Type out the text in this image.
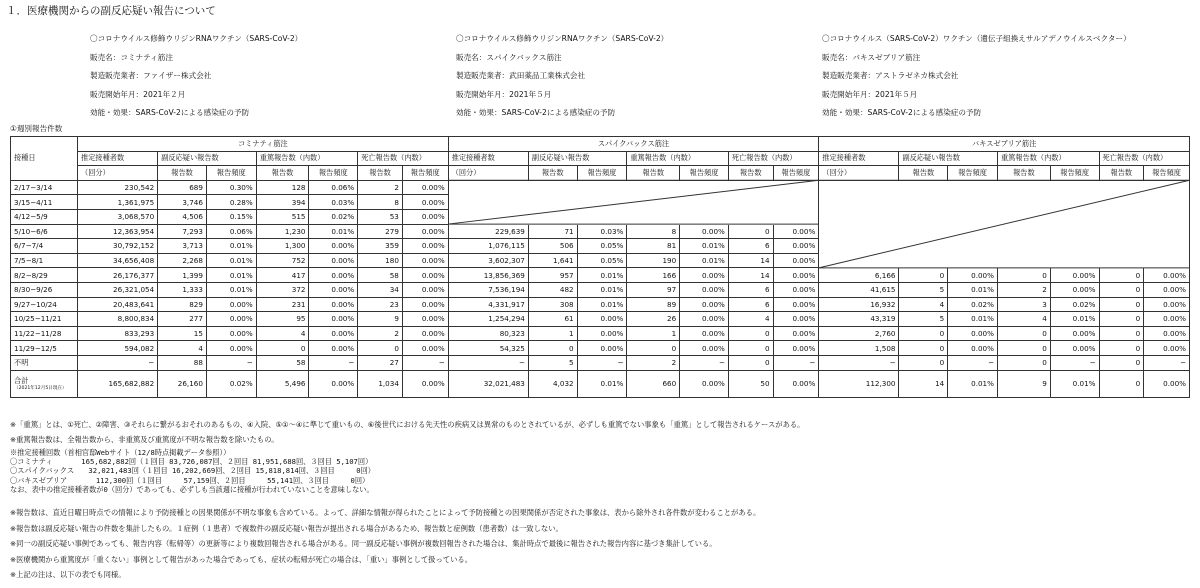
１．医療機関からの副反応疑い報告について
〇コロナウイルス修飾ウリジンRNAワクチン（SARS-CoV-2）
販売名：コミナティ筋注
製造販売業者：ファイザー株式会社
販売開始年月：2021年２月
効能・効果：SARS-CoV-2による感染症の予防
〇コロナウイルス修飾ウリジンRNAワクチン（SARS-CoV-2）
販売名：スパイクバックス筋注
製造販売業者：武田薬品工業株式会社
販売開始年月：2021年５月
効能・効果：SARS-CoV-2による感染症の予防
〇コロナウイルス（SARS-CoV-2）ワクチン（遺伝子組換えサルアデノウイルスベクター）
販売名：バキスゼブリア筋注
製造販売業者：アストラゼネカ株式会社
販売開始年月：2021年５月
効能・効果：SARS-CoV-2による感染症の予防
①週別報告件数
接種日	コミナティ筋注							スパイクバックス筋注							バキスゼブリア筋注						
	推定接種者数	副反応疑い報告数		重篤報告数（内数）		死亡報告数（内数）		推定接種者数	副反応疑い報告数		重篤報告数（内数）		死亡報告数（内数）		推定接種者数	副反応疑い報告数		重篤報告数（内数）		死亡報告数（内数）	
	（回分）	報告数	報告頻度	報告数	報告頻度	報告数	報告頻度	（回分）	報告数	報告頻度	報告数	報告頻度	報告数	報告頻度	（回分）	報告数	報告頻度	報告数	報告頻度	報告数	報告頻度
2/17−3/14	230,542	689	0.30%	128	0.06%	2	0.00%														
3/15−4/11	1,361,975	3,746	0.28%	394	0.03%	8	0.00%														
4/12−5/9	3,068,570	4,506	0.15%	515	0.02%	53	0.00%														
5/10−6/6	12,363,954	7,293	0.06%	1,230	0.01%	279	0.00%	229,639	71	0.03%	8	0.00%	0	0.00%							
6/7−7/4	30,792,152	3,713	0.01%	1,300	0.00%	359	0.00%	1,076,115	506	0.05%	81	0.01%	6	0.00%							
7/5−8/1	34,656,408	2,268	0.01%	752	0.00%	180	0.00%	3,602,307	1,641	0.05%	190	0.01%	14	0.00%							
8/2−8/29	26,176,377	1,399	0.01%	417	0.00%	58	0.00%	13,856,369	957	0.01%	166	0.00%	14	0.00%	6,166	0	0.00%	0	0.00%	0	0.00%
8/30−9/26	26,321,054	1,333	0.01%	372	0.00%	34	0.00%	7,536,194	482	0.01%	97	0.00%	6	0.00%	41,615	5	0.01%	2	0.00%	0	0.00%
9/27−10/24	20,483,641	829	0.00%	231	0.00%	23	0.00%	4,331,917	308	0.01%	89	0.00%	6	0.00%	16,932	4	0.02%	3	0.02%	0	0.00%
10/25−11/21	8,800,834	277	0.00%	95	0.00%	9	0.00%	1,254,294	61	0.00%	26	0.00%	4	0.00%	43,319	5	0.01%	4	0.01%	0	0.00%
11/22−11/28	833,293	15	0.00%	4	0.00%	2	0.00%	80,323	1	0.00%	1	0.00%	0	0.00%	2,760	0	0.00%	0	0.00%	0	0.00%
11/29−12/5	594,082	4	0.00%	0	0.00%	0	0.00%	54,325	0	0.00%	0	0.00%	0	0.00%	1,508	0	0.00%	0	0.00%	0	0.00%
不明	−	88	−	58	−	27	−	−	5	−	2	−	0	−	−	0	−	0	−	0	−
合計
（2021年12月5日現在）	165,682,882	26,160	0.02%	5,496	0.00%	1,034	0.00%	32,021,483	4,032	0.01%	660	0.00%	50	0.00%	112,300	14	0.01%	9	0.01%	0	0.00%
※「重篤」とは、①死亡、②障害、③それらに繋がるおそれのあるもの、④入院、⑤①〜④に準じて重いもの、⑥後世代における先天性の疾病又は異常のものとされているが、必ずしも重篤でない事象も「重篤」として報告されるケースがある。
※重篤報告数は、全報告数から、非重篤及び重篤度が不明な報告数を除いたもの。
※推定接種回数（首相官邸Webサイト（12/8時点掲載データ参照））
〇コミナティ　　　　165,682,882回（１回目 83,726,087回、２回目 81,951,688回、３回目 5,107回）
〇スパイクバックス　　32,021,483回（１回目 16,202,669回、２回目 15,818,814回、３回目　　　0回）
〇バキスゼブリア　　　　112,300回（１回目　　　57,159回、２回目　　　55,141回、３回目　　　0回）
なお、表中の推定接種者数が0（回分）であっても、必ずしも当該週に接種が行われていないことを意味しない。
※報告数は、直近日曜日時点での情報により予防接種との因果関係が不明な事象も含めている。よって、詳細な情報が得られたことによって予防接種との因果関係が否定された事象は、表から除外され各件数が変わることがある。
※報告数は副反応疑い報告の件数を集計したもの。１症例（１患者）で複数件の副反応疑い報告が提出される場合があるため、報告数と症例数（患者数）は一致しない。
※同一の副反応疑い事例であっても、報告内容（転帰等）の更新等により複数回報告される場合がある。同一副反応疑い事例が複数回報告された場合は、集計時点で最後に報告された報告内容に基づき集計している。
※医療機関から重篤度が「重くない」事例として報告があった場合であっても、症状の転帰が死亡の場合は、「重い」事例として扱っている。
※上記の注は、以下の表でも同様。
